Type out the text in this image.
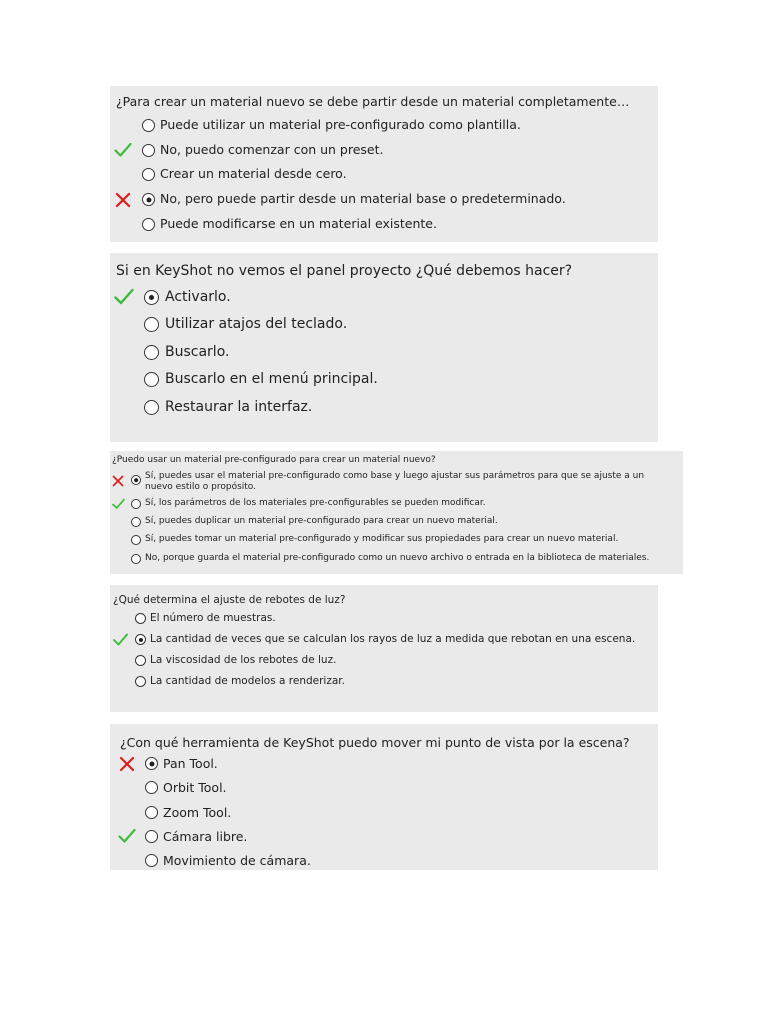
¿Para crear un material nuevo se debe partir desde un material completamente…
Puede utilizar un material pre-configurado como plantilla.
No, puedo comenzar con un preset.
Crear un material desde cero.
No, pero puede partir desde un material base o predeterminado.
Puede modificarse en un material existente.
Si en KeyShot no vemos el panel proyecto ¿Qué debemos hacer?
Activarlo.
Utilizar atajos del teclado.
Buscarlo.
Buscarlo en el menú principal.
Restaurar la interfaz.
¿Puedo usar un material pre-configurado para crear un material nuevo?
Sí, puedes usar el material pre-configurado como base y luego ajustar sus parámetros para que se ajuste a un
nuevo estilo o propósito.
Sí, los parámetros de los materiales pre-configurables se pueden modificar.
Sí, puedes duplicar un material pre-configurado para crear un nuevo material.
Sí, puedes tomar un material pre-configurado y modificar sus propiedades para crear un nuevo material.
No, porque guarda el material pre-configurado como un nuevo archivo o entrada en la biblioteca de materiales.
¿Qué determina el ajuste de rebotes de luz?
El número de muestras.
La cantidad de veces que se calculan los rayos de luz a medida que rebotan en una escena.
La viscosidad de los rebotes de luz.
La cantidad de modelos a renderizar.
¿Con qué herramienta de KeyShot puedo mover mi punto de vista por la escena?
Pan Tool.
Orbit Tool.
Zoom Tool.
Cámara libre.
Movimiento de cámara.
